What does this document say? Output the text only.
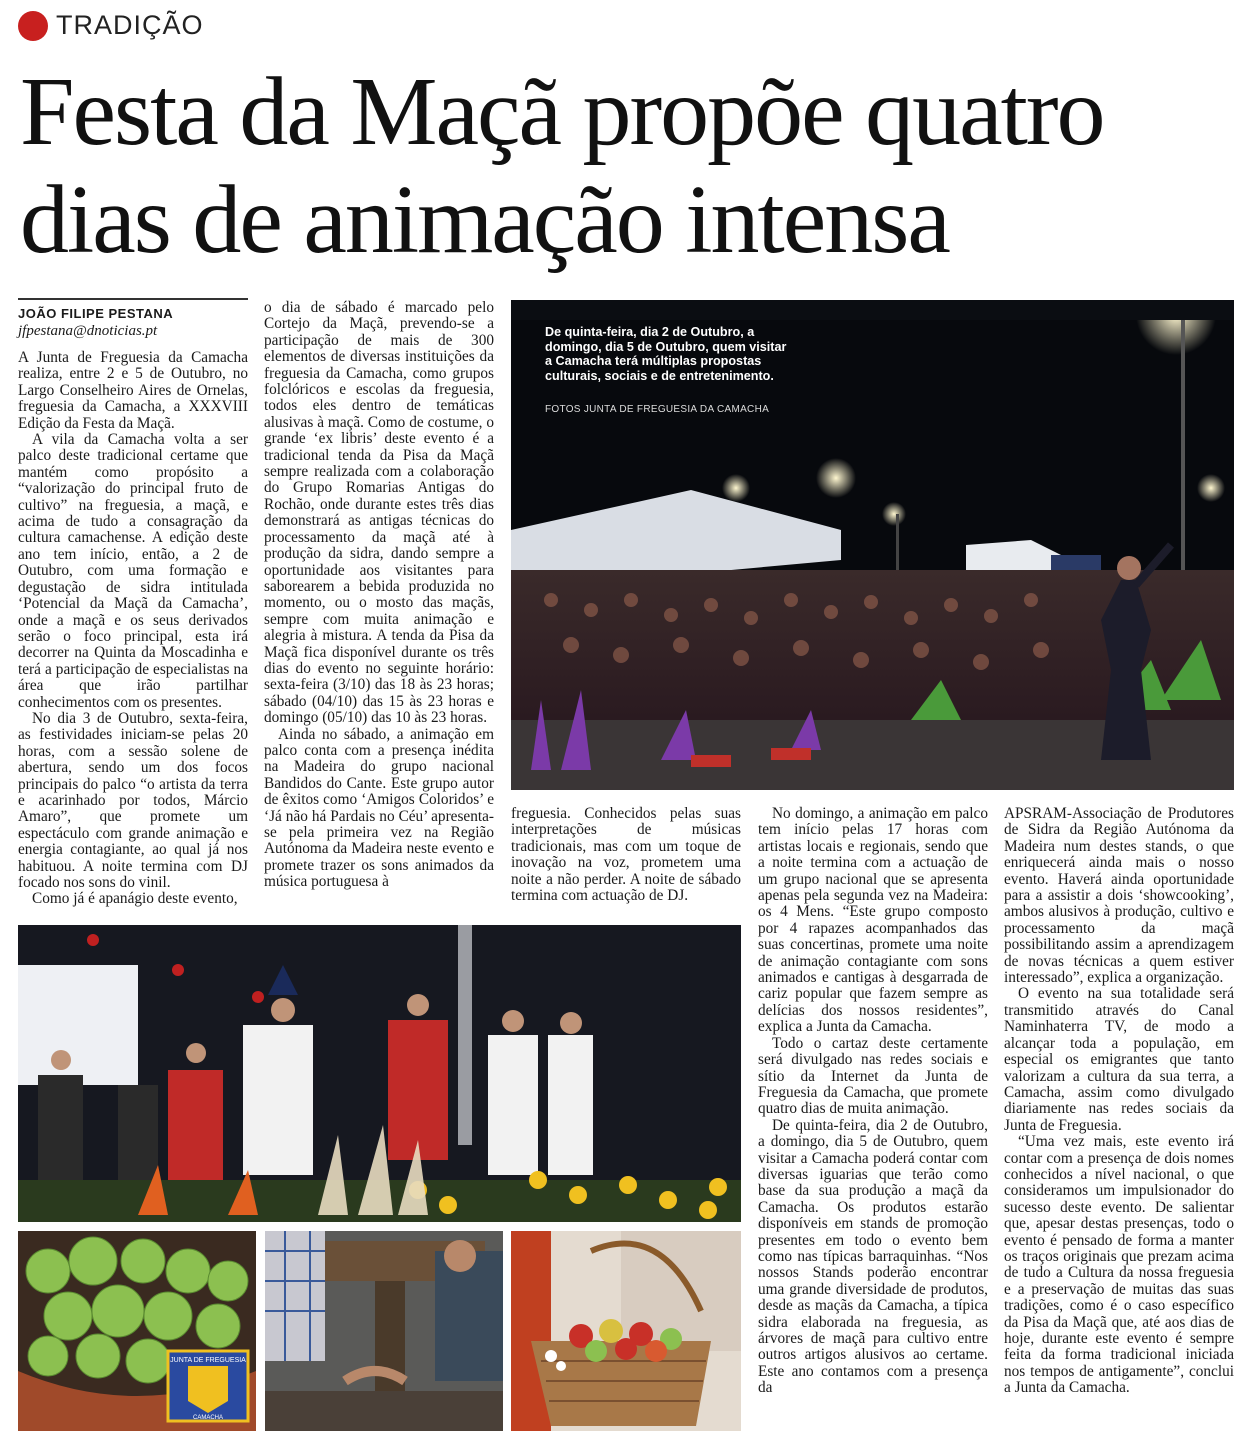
TRADIÇÃO
Festa da Maçã propõe quatro
dias de animação intensa
JOÃO FILIPE PESTANA
jfpestana@dnoticias.pt

A Junta de Freguesia da Camacha realiza, entre 2 e 5 de Outubro, no Largo Conselheiro Aires de Ornelas, freguesia da Camacha, a XXXVIII Edição da Festa da Maçã.

A vila da Camacha volta a ser palco deste tradicional certame que mantém como propósito a “valorização do principal fruto de cultivo” na freguesia, a maçã, e acima de tudo a consagração da cultura camachense. A edição deste ano tem início, então, a 2 de Outubro, com uma formação e degustação de sidra intitulada ‘Potencial da Maçã da Camacha’, onde a maçã e os seus derivados serão o foco principal, esta irá decorrer na Quinta da Moscadinha e terá a participação de especialistas na área que irão partilhar conhecimentos com os presentes.

No dia 3 de Outubro, sexta-feira, as festividades iniciam-se pelas 20 horas, com a sessão solene de abertura, sendo um dos focos principais do palco “o artista da terra e acarinhado por todos, Márcio Amaro”, que promete um espectáculo com grande animação e energia contagiante, ao qual já nos habituou. A noite termina com DJ focado nos sons do vinil.

Como já é apanágio deste evento,

o dia de sábado é marcado pelo Cortejo da Maçã, prevendo-se a participação de mais de 300 elementos de diversas instituições da freguesia da Camacha, como grupos folclóricos e escolas da freguesia, todos eles dentro de temáticas alusivas à maçã. Como de costume, o grande ‘ex libris’ deste evento é a tradicional tenda da Pisa da Maçã sempre realizada com a colaboração do Grupo Romarias Antigas do Rochão, onde durante estes três dias demonstrará as antigas técnicas do processamento da maçã até à produção da sidra, dando sempre a oportunidade aos visitantes para saborearem a bebida produzida no momento, ou o mosto das maçãs, sempre com muita animação e alegria à mistura. A tenda da Pisa da Maçã fica disponível durante os três dias do evento no seguinte horário: sexta-feira (3/10) das 18 às 23 horas; sábado (04/10) das 15 às 23 horas e domingo (05/10) das 10 às 23 horas.

Ainda no sábado, a animação em palco conta com a presença inédita na Madeira do grupo nacional Bandidos do Cante. Este grupo autor de êxitos como ‘Amigos Coloridos’ e ‘Já não há Pardais no Céu’ apresenta-se pela primeira vez na Região Autónoma da Madeira neste evento e promete trazer os sons animados da música portuguesa à

De quinta-feira, dia 2 de Outubro, a domingo, dia 5 de Outubro, quem visitar a Camacha terá múltiplas propostas culturais, sociais e de entretenimento.
FOTOS JUNTA DE FREGUESIA DA CAMACHA

freguesia. Conhecidos pelas suas interpretações de músicas tradicionais, mas com um toque de inovação na voz, prometem uma noite a não perder. A noite de sábado termina com actuação de DJ.

No domingo, a animação em palco tem início pelas 17 horas com artistas locais e regionais, sendo que a noite termina com a actuação de um grupo nacional que se apresenta apenas pela segunda vez na Madeira: os 4 Mens. “Este grupo composto por 4 rapazes acompanhados das suas concertinas, promete uma noite de animação contagiante com sons animados e cantigas à desgarrada de cariz popular que fazem sempre as delícias dos nossos residentes”, explica a Junta da Camacha.

Todo o cartaz deste certamente será divulgado nas redes sociais e sítio da Internet da Junta de Freguesia da Camacha, que promete quatro dias de muita animação.

De quinta-feira, dia 2 de Outubro, a domingo, dia 5 de Outubro, quem visitar a Camacha poderá contar com diversas iguarias que terão como base da sua produção a maçã da Camacha. Os produtos estarão disponíveis em stands de promoção presentes em todo o evento bem como nas típicas barraquinhas. “Nos nossos Stands poderão encontrar uma grande diversidade de produtos, desde as maçãs da Camacha, a típica sidra elaborada na freguesia, as árvores de maçã para cultivo entre outros artigos alusivos ao certame. Este ano contamos com a presença da

APSRAM-Associação de Produtores de Sidra da Região Autónoma da Madeira num destes stands, o que enriquecerá ainda mais o nosso evento. Haverá ainda oportunidade para a assistir a dois ‘showcooking’, ambos alusivos à produção, cultivo e processamento da maçã possibilitando assim a aprendizagem de novas técnicas a quem estiver interessado”, explica a organização.

O evento na sua totalidade será transmitido através do Canal Naminhaterra TV, de modo a alcançar toda a população, em especial os emigrantes que tanto valorizam a cultura da sua terra, a Camacha, assim como divulgado diariamente nas redes sociais da Junta de Freguesia.

“Uma vez mais, este evento irá contar com a presença de dois nomes conhecidos a nível nacional, o que consideramos um impulsionador do sucesso deste evento. De salientar que, apesar destas presenças, todo o evento é pensado de forma a manter os traços originais que prezam acima de tudo a Cultura da nossa freguesia e a preservação de muitas das suas tradições, como é o caso específico da Pisa da Maçã que, até aos dias de hoje, durante este evento é sempre feita da forma tradicional iniciada nos tempos de antigamente”, conclui a Junta da Camacha.

JUNTA DE FREGUESIA
CAMACHA
